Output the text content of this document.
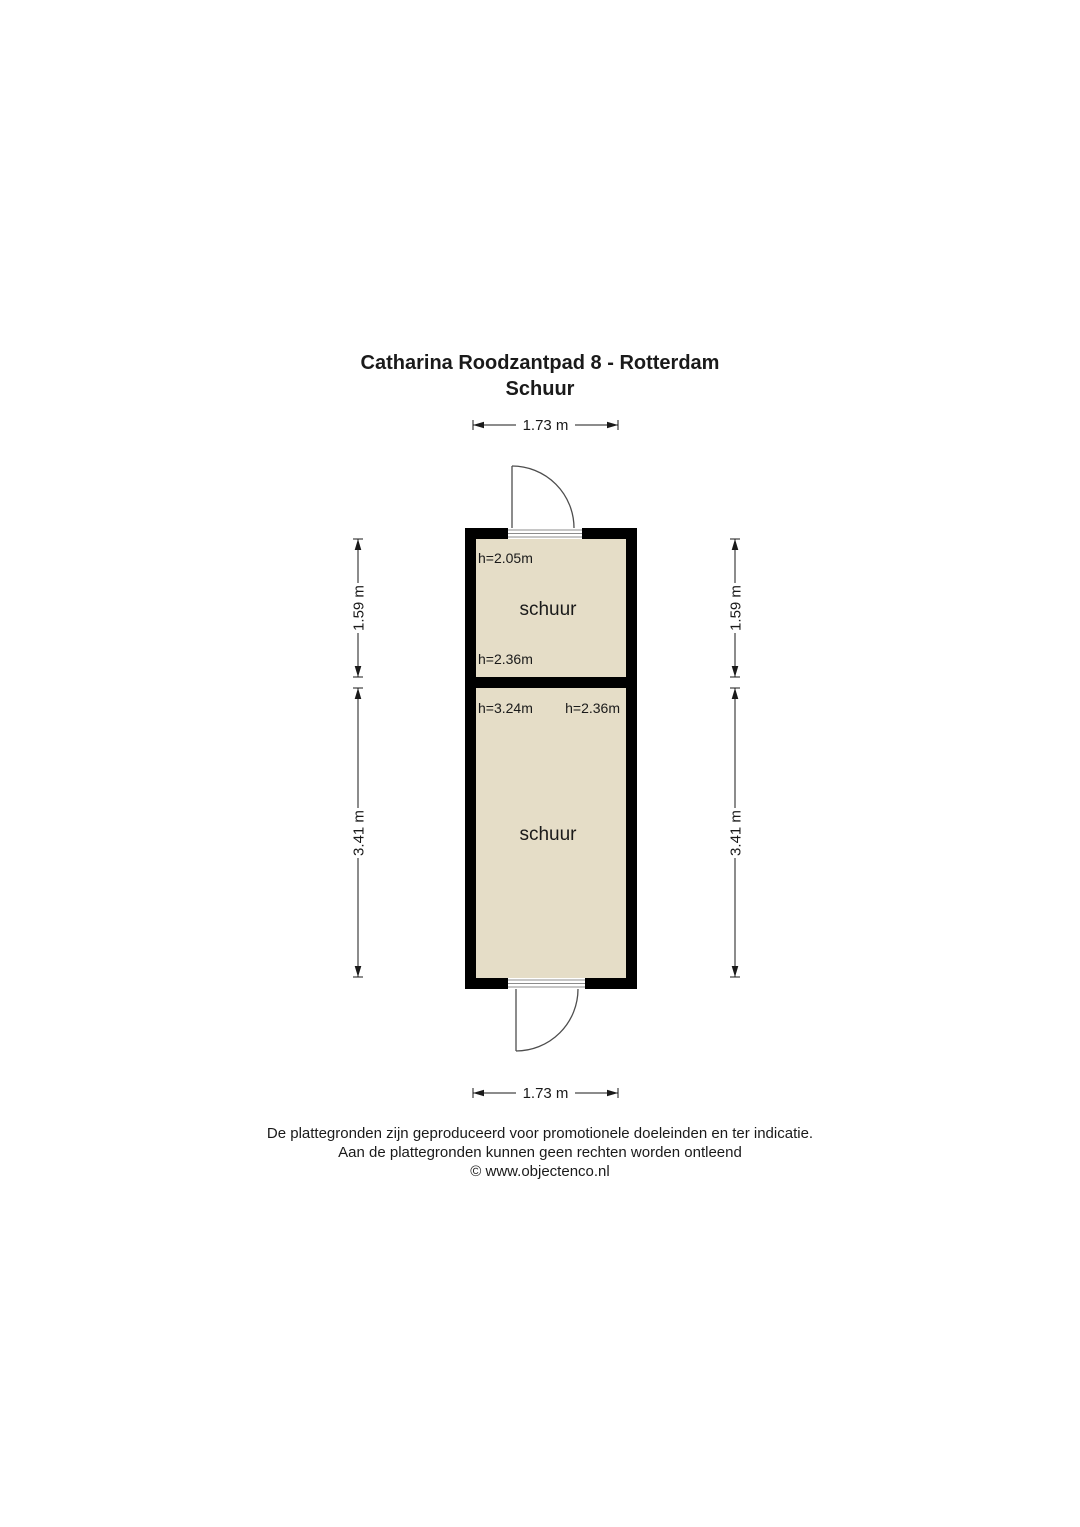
Catharina Roodzantpad 8 - Rotterdam
Schuur
h=2.05m
schuur
h=2.36m
h=3.24m h=2.36m
schuur
1.73 m
1.73 m
1.59 m
3.41 m
1.59 m
3.41 m
De plattegronden zijn geproduceerd voor promotionele doeleinden en ter indicatie.
Aan de plattegronden kunnen geen rechten worden ontleend
© www.objectenco.nl
